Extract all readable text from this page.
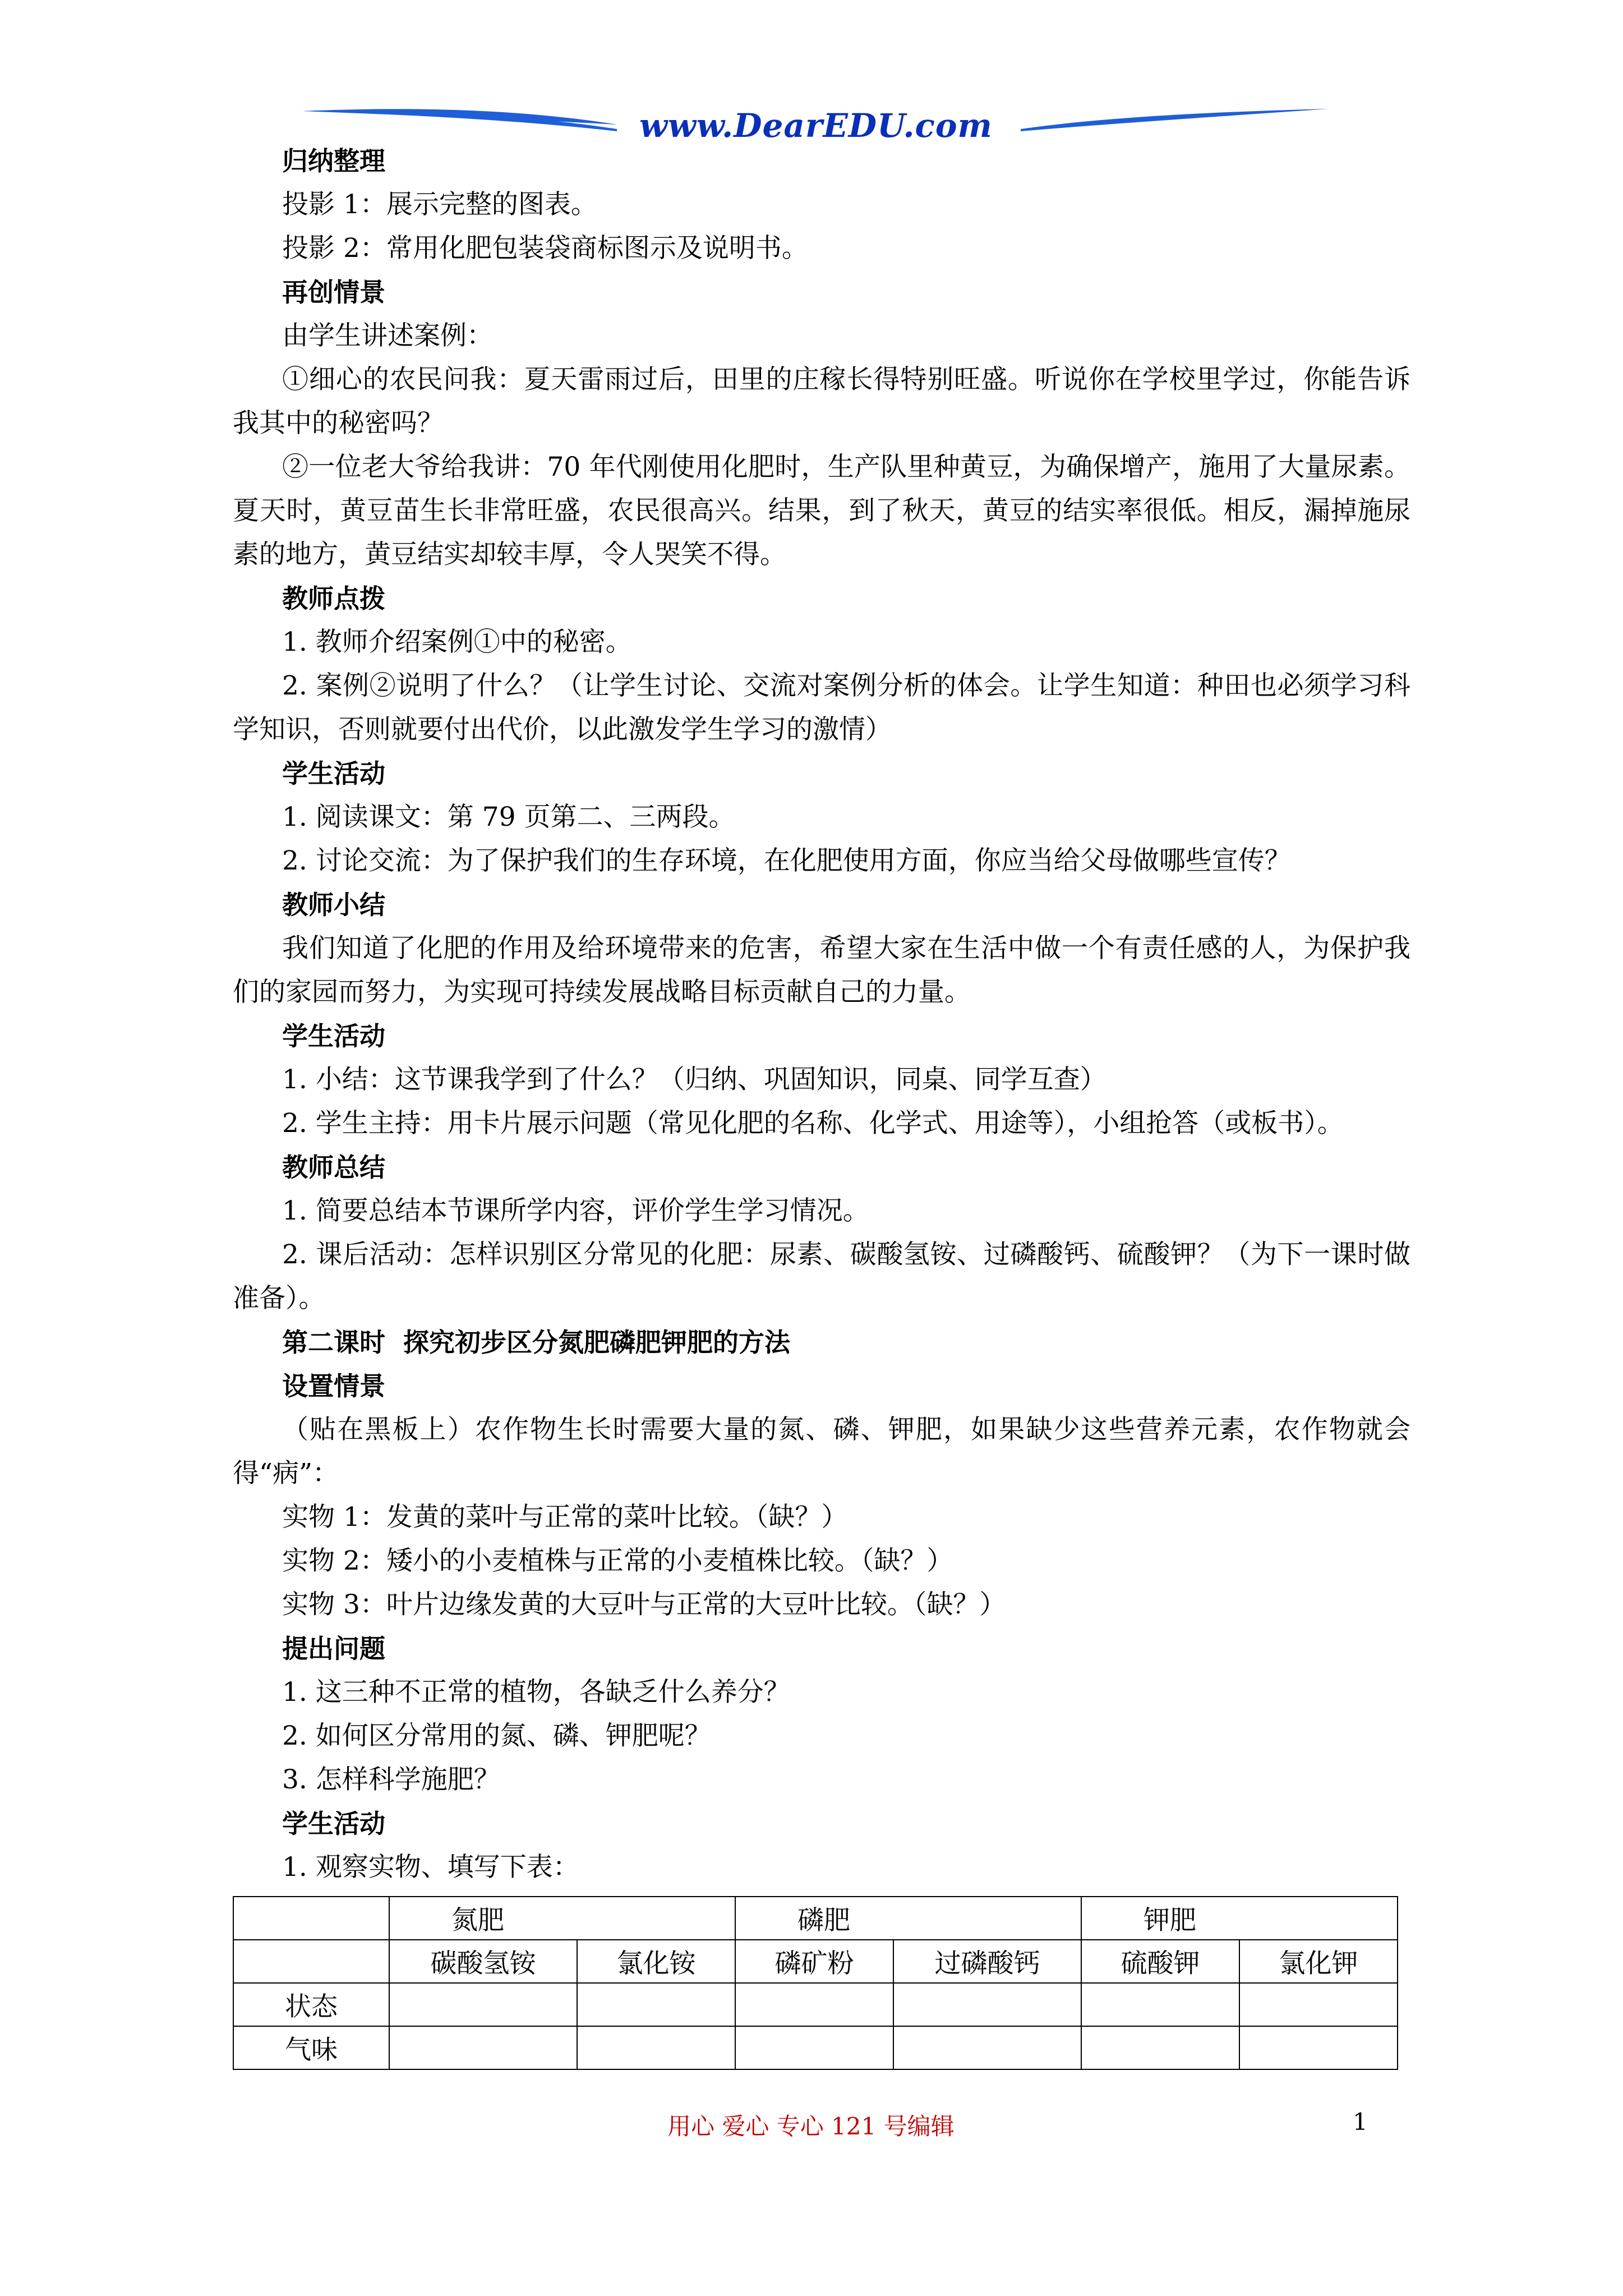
www.DearEDU.com
归纳整理
投影 1：展示完整的图表。
投影 2：常用化肥包装袋商标图示及说明书。
再创情景
由学生讲述案例：
①细心的农民问我：夏天雷雨过后，田里的庄稼长得特别旺盛。听说你在学校里学过，你能告诉我其中的秘密吗？
②一位老大爷给我讲：70 年代刚使用化肥时，生产队里种黄豆，为确保增产，施用了大量尿素。夏天时，黄豆苗生长非常旺盛，农民很高兴。结果，到了秋天，黄豆的结实率很低。相反，漏掉施尿素的地方，黄豆结实却较丰厚，令人哭笑不得。
教师点拨
1. 教师介绍案例①中的秘密。
2. 案例②说明了什么？（让学生讨论、交流对案例分析的体会。让学生知道：种田也必须学习科学知识，否则就要付出代价，以此激发学生学习的激情）
学生活动
1. 阅读课文：第 79 页第二、三两段。
2. 讨论交流：为了保护我们的生存环境，在化肥使用方面，你应当给父母做哪些宣传？
教师小结
我们知道了化肥的作用及给环境带来的危害，希望大家在生活中做一个有责任感的人，为保护我们的家园而努力，为实现可持续发展战略目标贡献自己的力量。
学生活动
1. 小结：这节课我学到了什么？（归纳、巩固知识，同桌、同学互查）
2. 学生主持：用卡片展示问题（常见化肥的名称、化学式、用途等），小组抢答（或板书）。
教师总结
1. 简要总结本节课所学内容，评价学生学习情况。
2. 课后活动：怎样识别区分常见的化肥：尿素、碳酸氢铵、过磷酸钙、硫酸钾？（为下一课时做准备）。
第二课时  探究初步区分氮肥磷肥钾肥的方法
设置情景
（贴在黑板上）农作物生长时需要大量的氮、磷、钾肥，如果缺少这些营养元素，农作物就会得“病”：
实物 1：发黄的菜叶与正常的菜叶比较。（缺？）
实物 2：矮小的小麦植株与正常的小麦植株比较。（缺？）
实物 3：叶片边缘发黄的大豆叶与正常的大豆叶比较。（缺？）
提出问题
1. 这三种不正常的植物，各缺乏什么养分？
2. 如何区分常用的氮、磷、钾肥呢？
3. 怎样科学施肥？
学生活动
1. 观察实物、填写下表：
	氮肥		磷肥		钾肥	
	碳酸氢铵	氯化铵	磷矿粉	过磷酸钙	硫酸钾	氯化钾
状态						
气味						
用心 爱心 专心 121 号编辑	1
